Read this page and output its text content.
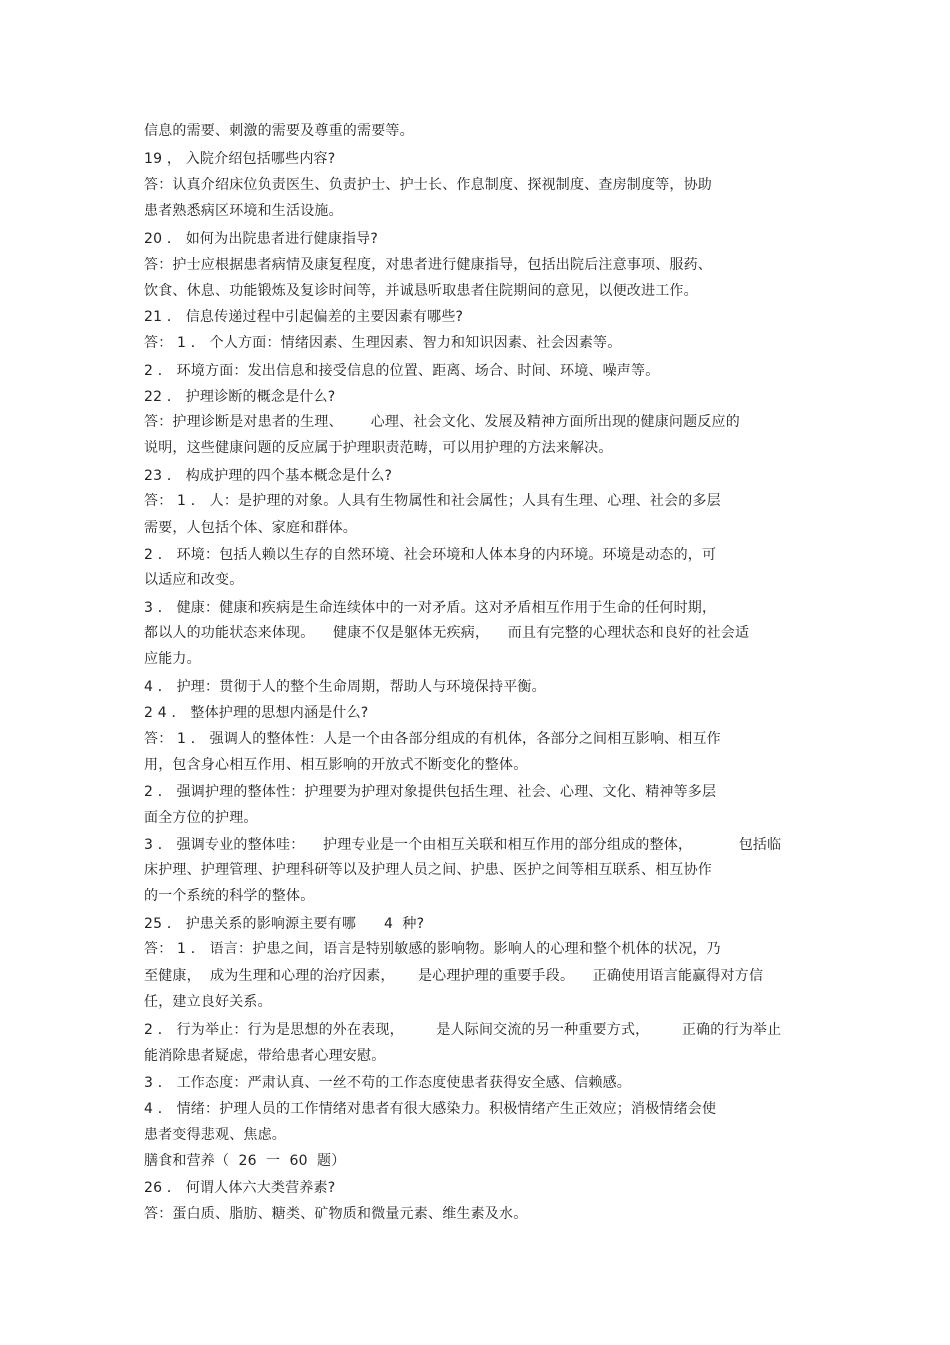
信息的需要、刺激的需要及尊重的需要等。
19 ， 入院介绍包括哪些内容?
答：认真介绍床位负责医生、负责护士、护士长、作息制度、探视制度、查房制度等，协助
患者熟悉病区环境和生活设施。
20 ． 如何为出院患者进行健康指导?
答：护士应根据患者病情及康复程度，对患者进行健康指导，包括出院后注意事项、服药、
饮食、休息、功能锻炼及复诊时间等，并诚恳听取患者住院期间的意见，以便改进工作。
21 ． 信息传递过程中引起偏差的主要因素有哪些?
答： 1 ． 个人方面：情绪因素、生理因素、智力和知识因素、社会因素等。
2 ． 环境方面：发出信息和接受信息的位置、距离、场合、时间、环境、噪声等。
22 ． 护理诊断的概念是什么?
答：护理诊断是对患者的生理、      心理、社会文化、发展及精神方面所出现的健康问题反应的
说明，这些健康问题的反应属于护理职责范畴，可以用护理的方法来解决。
23 ． 构成护理的四个基本概念是什么?
答： 1 ． 人：是护理的对象。人具有生物属性和社会属性；人具有生理、心理、社会的多层
需要，人包括个体、家庭和群体。
2 ． 环境：包括人赖以生存的自然环境、社会环境和人体本身的内环境。环境是动态的，可
以适应和改变。
3 ． 健康：健康和疾病是生命连续体中的一对矛盾。这对矛盾相互作用于生命的任何时期，
都以人的功能状态来体现。    健康不仅是躯体无疾病，    而且有完整的心理状态和良好的社会适
应能力。
4 ． 护理：贯彻于人的整个生命周期，帮助人与环境保持平衡。
2 4 ． 整体护理的思想内涵是什么?
答： 1 ． 强调人的整体性：人是一个由各部分组成的有机体，各部分之间相互影响、相互作
用，包含身心相互作用、相互影响的开放式不断变化的整体。
2 ． 强调护理的整体性：护理要为护理对象提供包括生理、社会、心理、文化、精神等多层
面全方位的护理。
3 ． 强调专业的整体哇：    护理专业是一个由相互关联和相互作用的部分组成的整体，          包括临
床护理、护理管理、护理科研等以及护理人员之间、护患、医护之间等相互联系、相互协作
的一个系统的科学的整体。
25 ． 护患关系的影响源主要有哪      4  种?
答： 1 ． 语言：护患之间，语言是特别敏感的影响物。影响人的心理和整个机体的状况，乃
至健康，  成为生理和心理的治疗因素，     是心理护理的重要手段。    正确使用语言能赢得对方信
任，建立良好关系。
2 ． 行为举止：行为是思想的外在表现，       是人际间交流的另一种重要方式，       正确的行为举止
能消除患者疑虑，带给患者心理安慰。
3 ． 工作态度：严肃认真、一丝不苟的工作态度使患者获得安全感、信赖感。
4 ． 情绪：护理人员的工作情绪对患者有很大感染力。积极情绪产生正效应；消极情绪会使
患者变得悲观、焦虑。
膳食和营养（  26  一  60  题）
26 ． 何谓人体六大类营养素?
答：蛋白质、脂肪、糖类、矿物质和微量元素、维生素及水。
